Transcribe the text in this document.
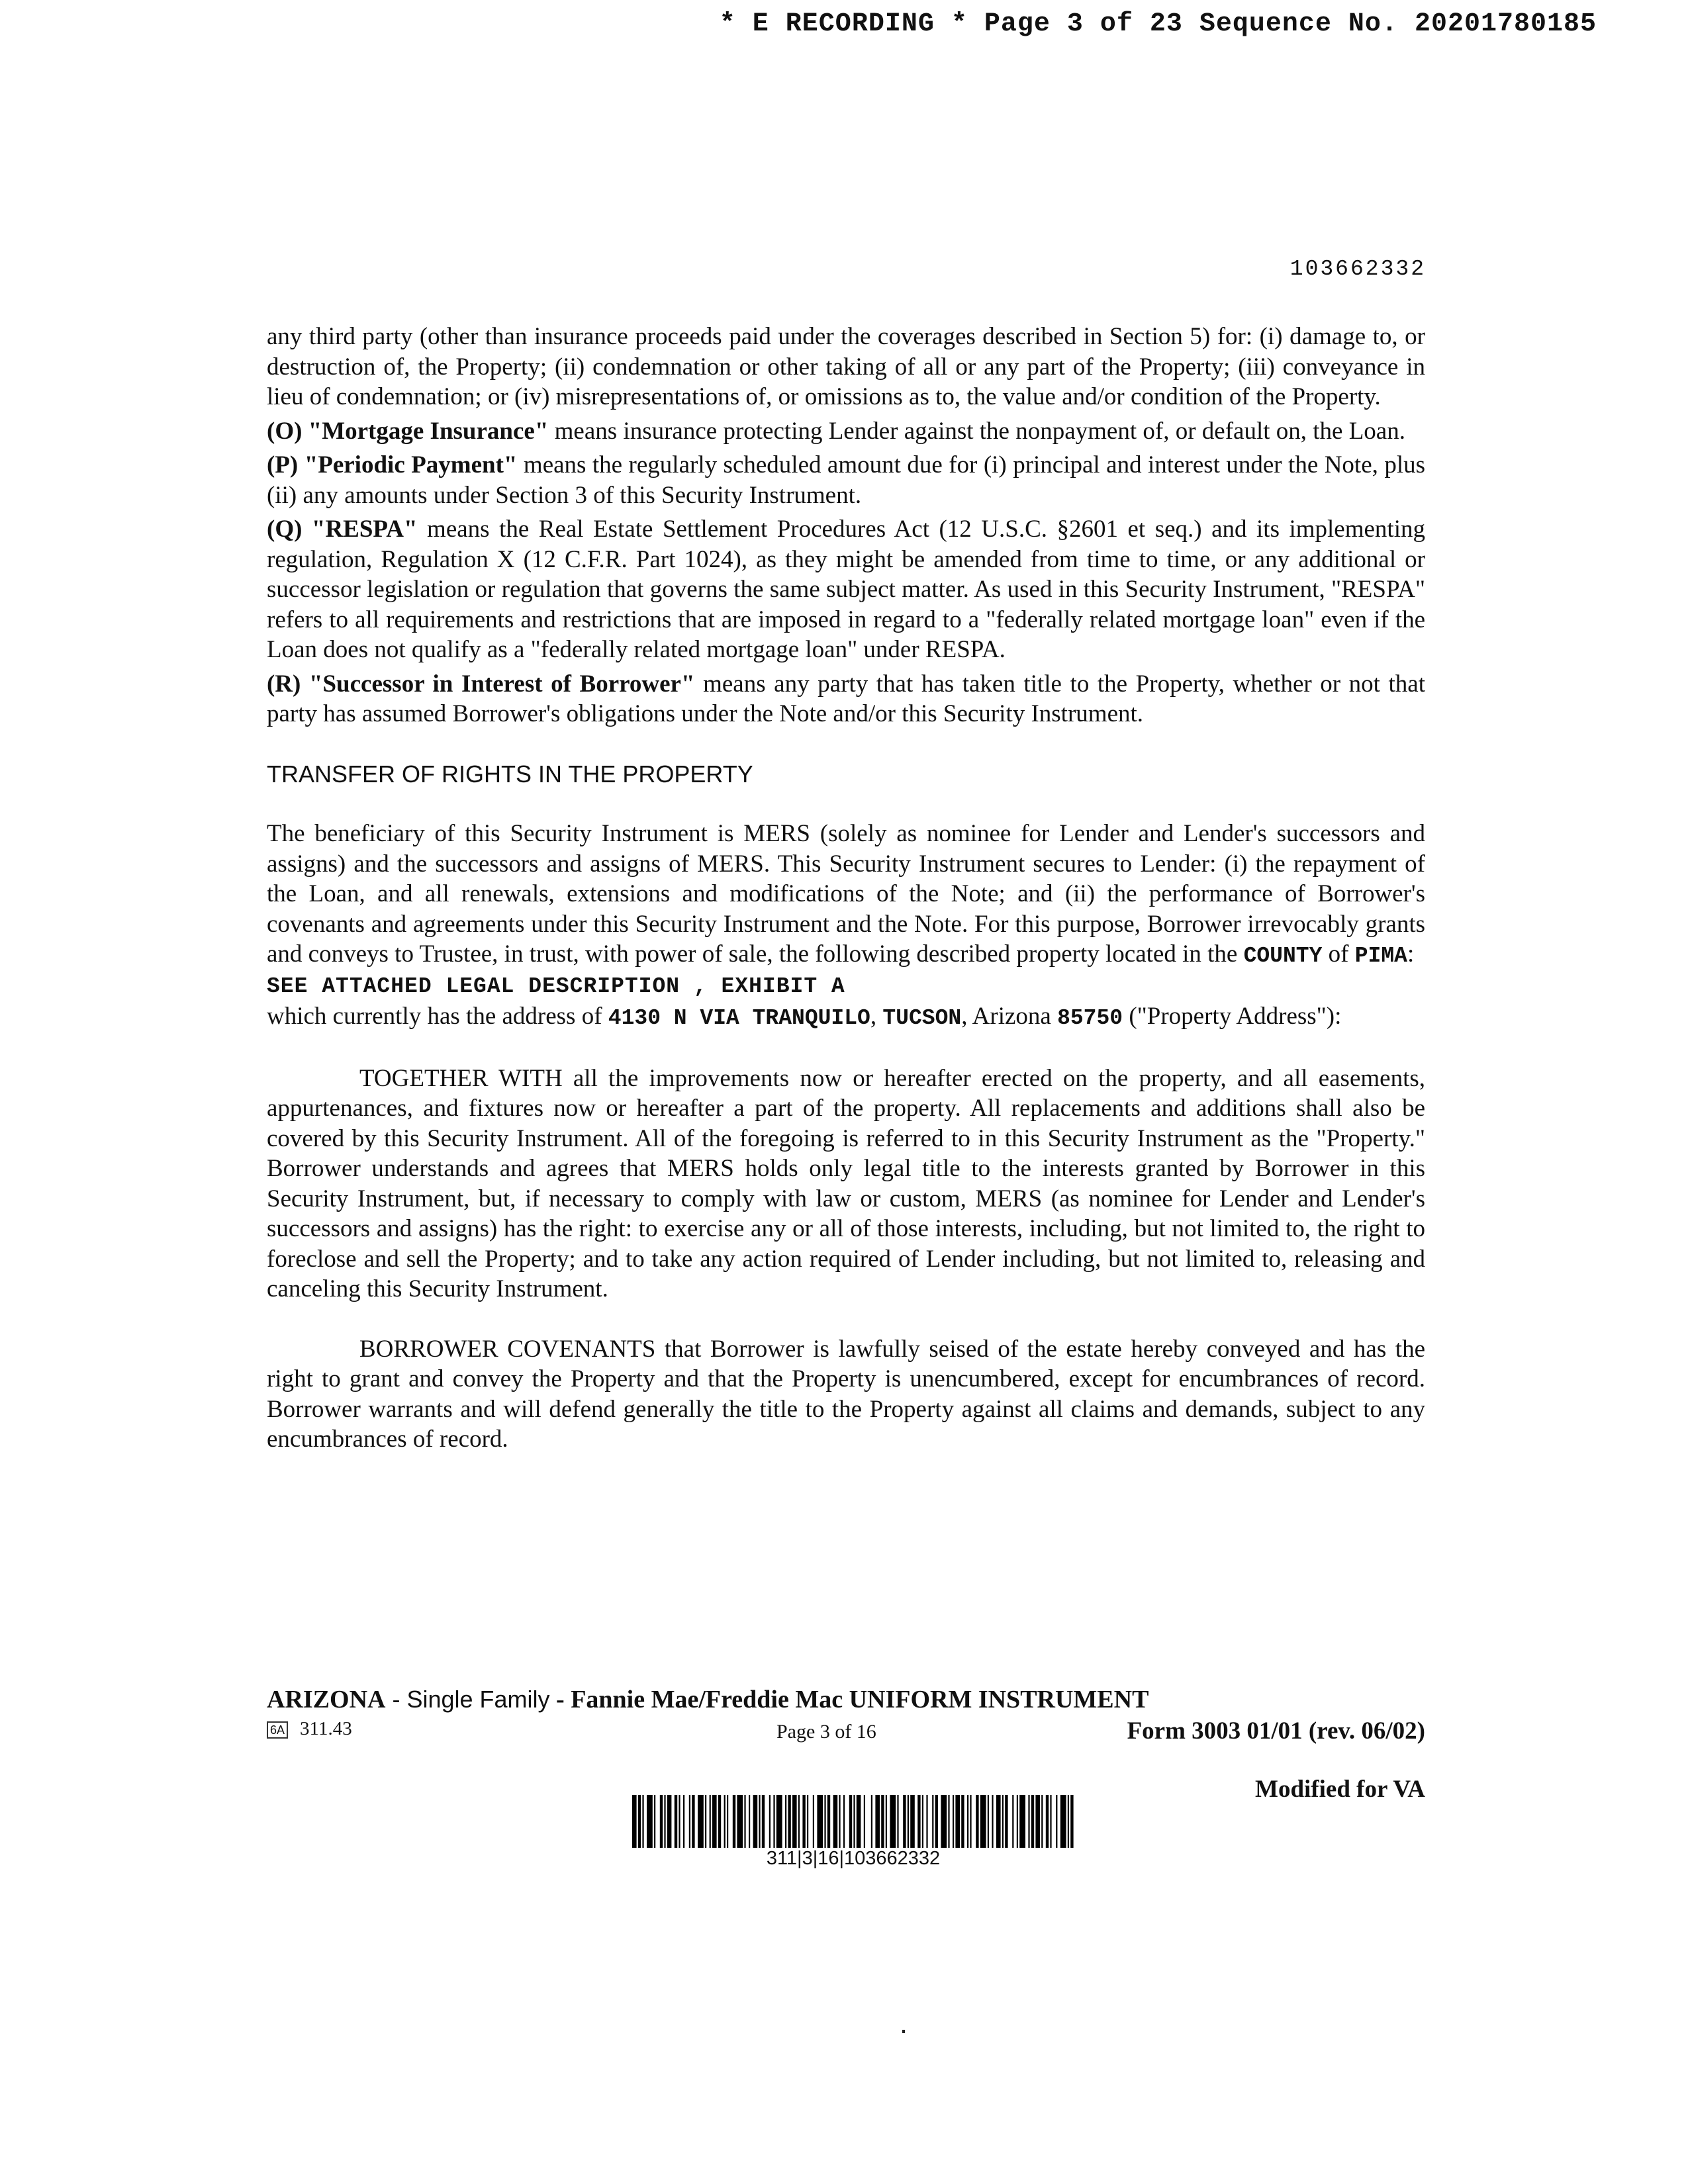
* E RECORDING * Page 3 of 23 Sequence No. 20201780185
103662332

any third party (other than insurance proceeds paid under the coverages described in Section 5) for: (i) damage to, or destruction of, the Property; (ii) condemnation or other taking of all or any part of the Property; (iii) conveyance in lieu of condemnation; or (iv) misrepresentations of, or omissions as to, the value and/or condition of the Property.

(O) "Mortgage Insurance" means insurance protecting Lender against the nonpayment of, or default on, the Loan.

(P) "Periodic Payment" means the regularly scheduled amount due for (i) principal and interest under the Note, plus (ii) any amounts under Section 3 of this Security Instrument.

(Q) "RESPA" means the Real Estate Settlement Procedures Act (12 U.S.C. §2601 et seq.) and its implementing regulation, Regulation X (12 C.F.R. Part 1024), as they might be amended from time to time, or any additional or successor legislation or regulation that governs the same subject matter. As used in this Security Instrument, "RESPA" refers to all requirements and restrictions that are imposed in regard to a "federally related mortgage loan" even if the Loan does not qualify as a "federally related mortgage loan" under RESPA.

(R) "Successor in Interest of Borrower" means any party that has taken title to the Property, whether or not that party has assumed Borrower's obligations under the Note and/or this Security Instrument.

TRANSFER OF RIGHTS IN THE PROPERTY

The beneficiary of this Security Instrument is MERS (solely as nominee for Lender and Lender's successors and assigns) and the successors and assigns of MERS. This Security Instrument secures to Lender: (i) the repayment of the Loan, and all renewals, extensions and modifications of the Note; and (ii) the performance of Borrower's covenants and agreements under this Security Instrument and the Note. For this purpose, Borrower irrevocably grants and conveys to Trustee, in trust, with power of sale, the following described property located in the COUNTY of PIMA:

SEE ATTACHED LEGAL DESCRIPTION , EXHIBIT A

which currently has the address of 4130 N VIA TRANQUILO, TUCSON, Arizona 85750 ("Property Address"):

TOGETHER WITH all the improvements now or hereafter erected on the property, and all easements, appurtenances, and fixtures now or hereafter a part of the property. All replacements and additions shall also be covered by this Security Instrument. All of the foregoing is referred to in this Security Instrument as the "Property." Borrower understands and agrees that MERS holds only legal title to the interests granted by Borrower in this Security Instrument, but, if necessary to comply with law or custom, MERS (as nominee for Lender and Lender's successors and assigns) has the right: to exercise any or all of those interests, including, but not limited to, the right to foreclose and sell the Property; and to take any action required of Lender including, but not limited to, releasing and canceling this Security Instrument.

BORROWER COVENANTS that Borrower is lawfully seised of the estate hereby conveyed and has the right to grant and convey the Property and that the Property is unencumbered, except for encumbrances of record. Borrower warrants and will defend generally the title to the Property against all claims and demands, subject to any encumbrances of record.

ARIZONA - Single Family - Fannie Mae/Freddie Mac UNIFORM INSTRUMENT
6A 311.43	Page 3 of 16	Form 3003 01/01 (rev. 06/02)
Modified for VA
311|3|16|103662332
